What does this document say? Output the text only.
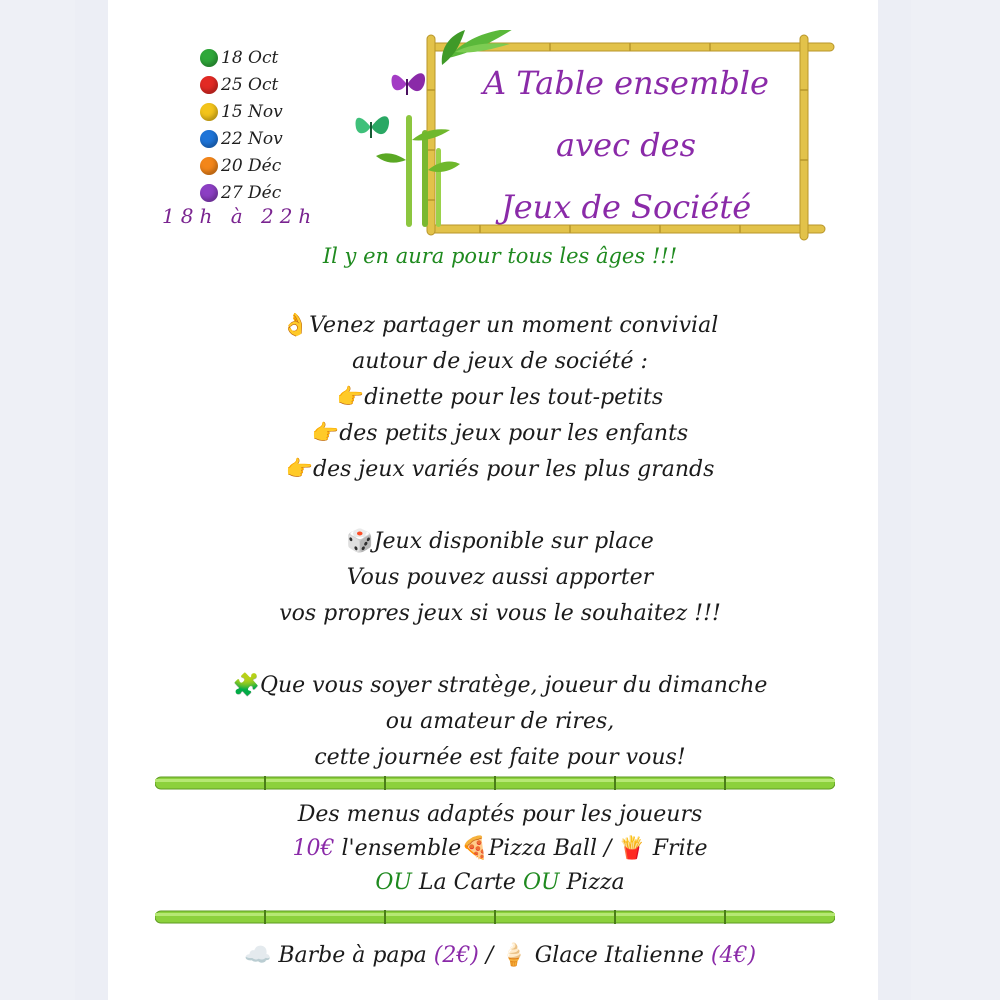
18 Oct
25 Oct
15 Nov
22 Nov
20 Déc
27 Déc
18h à 22h
A Table ensemble
avec des
Jeux de Société
Il y en aura pour tous les âges !!!
👌Venez partager un moment convivial
autour de jeux de société :
👉dinette pour les tout-petits
👉des petits jeux pour les enfants
👉des jeux variés pour les plus grands
🎲Jeux disponible sur place
Vous pouvez aussi apporter
vos propres jeux si vous le souhaitez !!!
🧩Que vous soyer stratège, joueur du dimanche
ou amateur de rires,
cette journée est faite pour vous!
Des menus adaptés pour les joueurs
10€ l'ensemble🍕Pizza Ball / 🍟 Frite
OU La Carte OU Pizza
☁️ Barbe à papa (2€) / 🍦 Glace Italienne (4€)
